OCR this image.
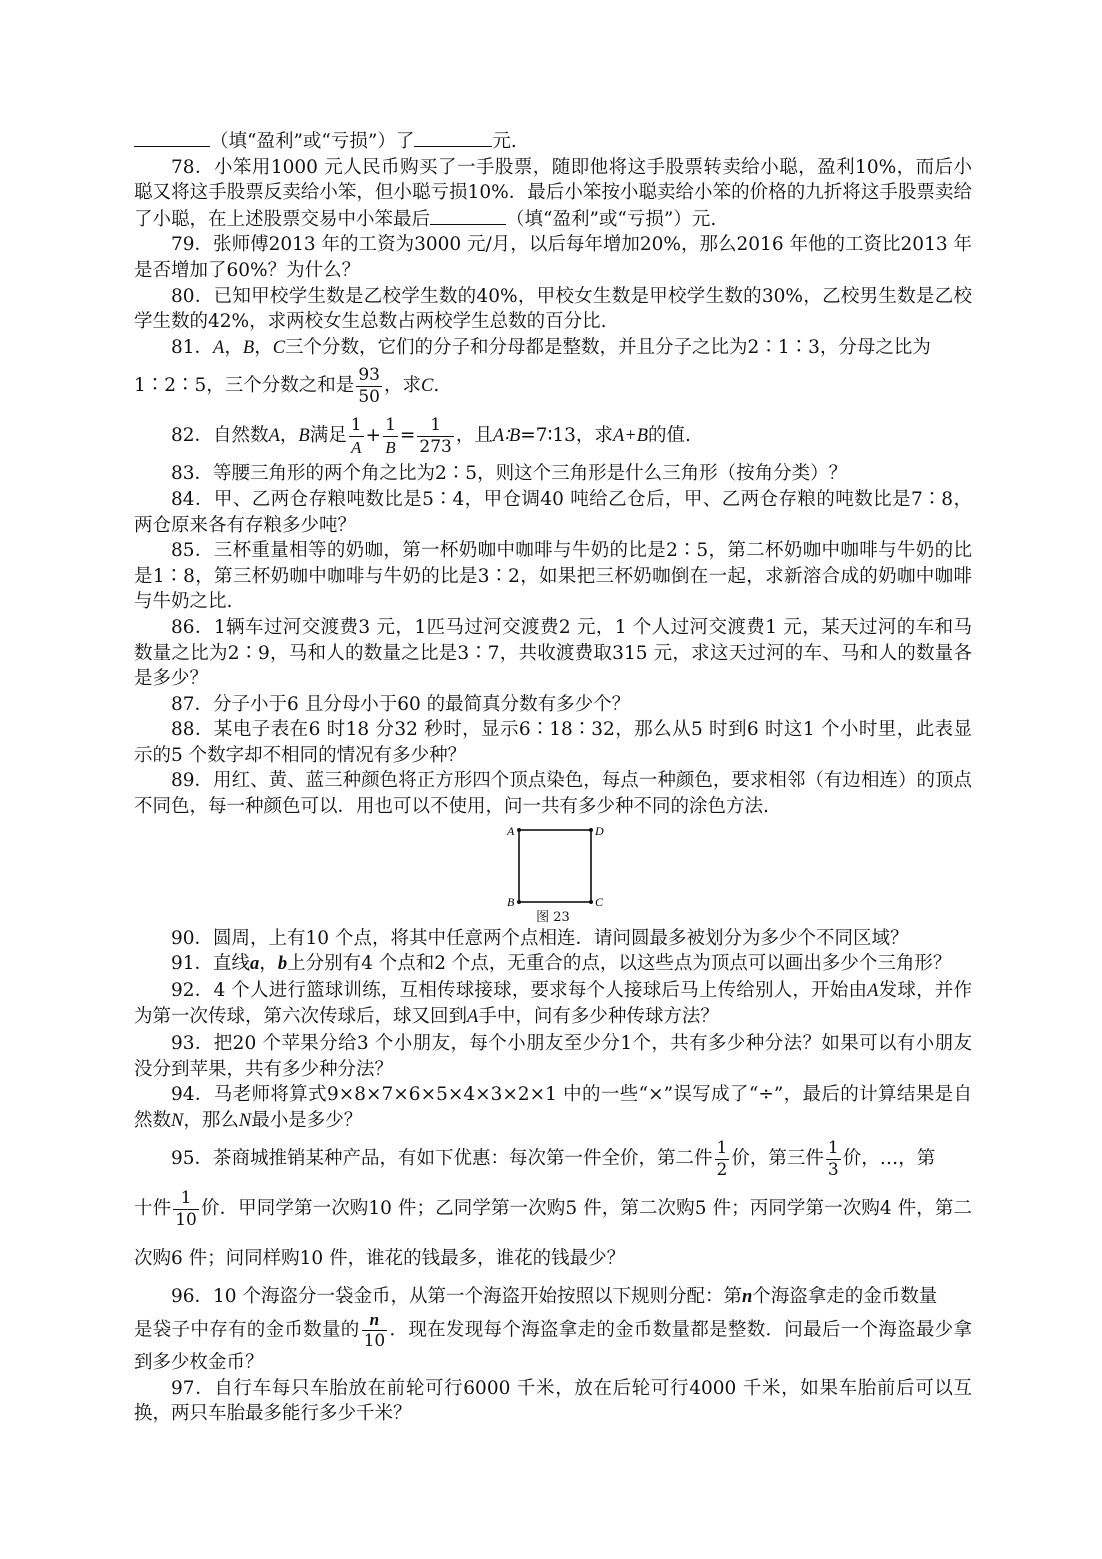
（填“盈利”或“亏损”）了	元.

78．小笨用1000 元人民币购买了一手股票，随即他将这手股票转卖给小聪，盈利10%，而后小聪又将这手股票反卖给小笨，但小聪亏损10%．最后小笨按小聪卖给小笨的价格的九折将这手股票卖给了小聪，在上述股票交易中小笨最后	（填“盈利”或“亏损”）元.

79．张师傅2013 年的工资为3000 元/月，以后每年增加20%，那么2016 年他的工资比2013 年是否增加了60%？为什么？

80．已知甲校学生数是乙校学生数的40%，甲校女生数是甲校学生数的30%，乙校男生数是乙校学生数的42%，求两校女生总数占两校学生总数的百分比.

81．A，B，C三个分数，它们的分子和分母都是整数，并且分子之比为2∶1∶3，分母之比为

1∶2∶5，三个分数之和是 $\frac{93}{50}$ ，求C.

82．自然数A，B满足 $\frac{1}{A} + \frac{1}{B} = \frac{1}{273}$ ，且A∶B=7∶13，求A+B的值.

83．等腰三角形的两个角之比为2∶5，则这个三角形是什么三角形（按角分类）？

84．甲、乙两仓存粮吨数比是5∶4，甲仓调40 吨给乙仓后，甲、乙两仓存粮的吨数比是7∶8，两仓原来各有存粮多少吨？

85．三杯重量相等的奶咖，第一杯奶咖中咖啡与牛奶的比是2∶5，第二杯奶咖中咖啡与牛奶的比是1∶8，第三杯奶咖中咖啡与牛奶的比是3∶2，如果把三杯奶咖倒在一起，求新溶合成的奶咖中咖啡与牛奶之比.

86．1辆车过河交渡费3 元，1匹马过河交渡费2 元，1 个人过河交渡费1 元，某天过河的车和马数量之比为2∶9，马和人的数量之比是3∶7，共收渡费取315 元，求这天过河的车、马和人的数量各是多少？

87．分子小于6 且分母小于60 的最简真分数有多少个？

88．某电子表在6 时18 分32 秒时，显示6∶18∶32，那么从5 时到6 时这1 个小时里，此表显示的5 个数字却不相同的情况有多少种？

89．用红、黄、蓝三种颜色将正方形四个顶点染色，每点一种颜色，要求相邻（有边相连）的顶点不同色，每一种颜色可以．用也可以不使用，问一共有多少种不同的涂色方法.

A	D
B	C
图 23

90．圆周，上有10 个点，将其中任意两个点相连．请问圆最多被划分为多少个不同区域？

91．直线a，b上分别有4 个点和2 个点，无重合的点，以这些点为顶点可以画出多少个三角形？

92．4 个人进行篮球训练，互相传球接球，要求每个人接球后马上传给别人，开始由A发球，并作为第一次传球，第六次传球后，球又回到A手中，问有多少种传球方法？

93．把20 个苹果分给3 个小朋友，每个小朋友至少分1个，共有多少种分法？如果可以有小朋友没分到苹果，共有多少种分法？

94．马老师将算式9×8×7×6×5×4×3×2×1 中的一些“×”误写成了“÷”，最后的计算结果是自然数N，那么N最小是多少？

95．茶商城推销某种产品，有如下优惠：每次第一件全价，第二件 $\frac{1}{2}$ 价，第三件 $\frac{1}{3}$ 价，…，第

十件 $\frac{1}{10}$ 价．甲同学第一次购10 件；乙同学第一次购5 件，第二次购5 件；丙同学第一次购4 件，第二次购6 件；问同样购10 件，谁花的钱最多，谁花的钱最少？

96．10 个海盗分一袋金币，从第一个海盗开始按照以下规则分配：第n个海盗拿走的金币数量

是袋子中存有的金币数量的 $\frac{n}{10}$ ．现在发现每个海盗拿走的金币数量都是整数．问最后一个海盗最少拿到多少枚金币？

97．自行车每只车胎放在前轮可行6000 千米，放在后轮可行4000 千米，如果车胎前后可以互换，两只车胎最多能行多少千米？
